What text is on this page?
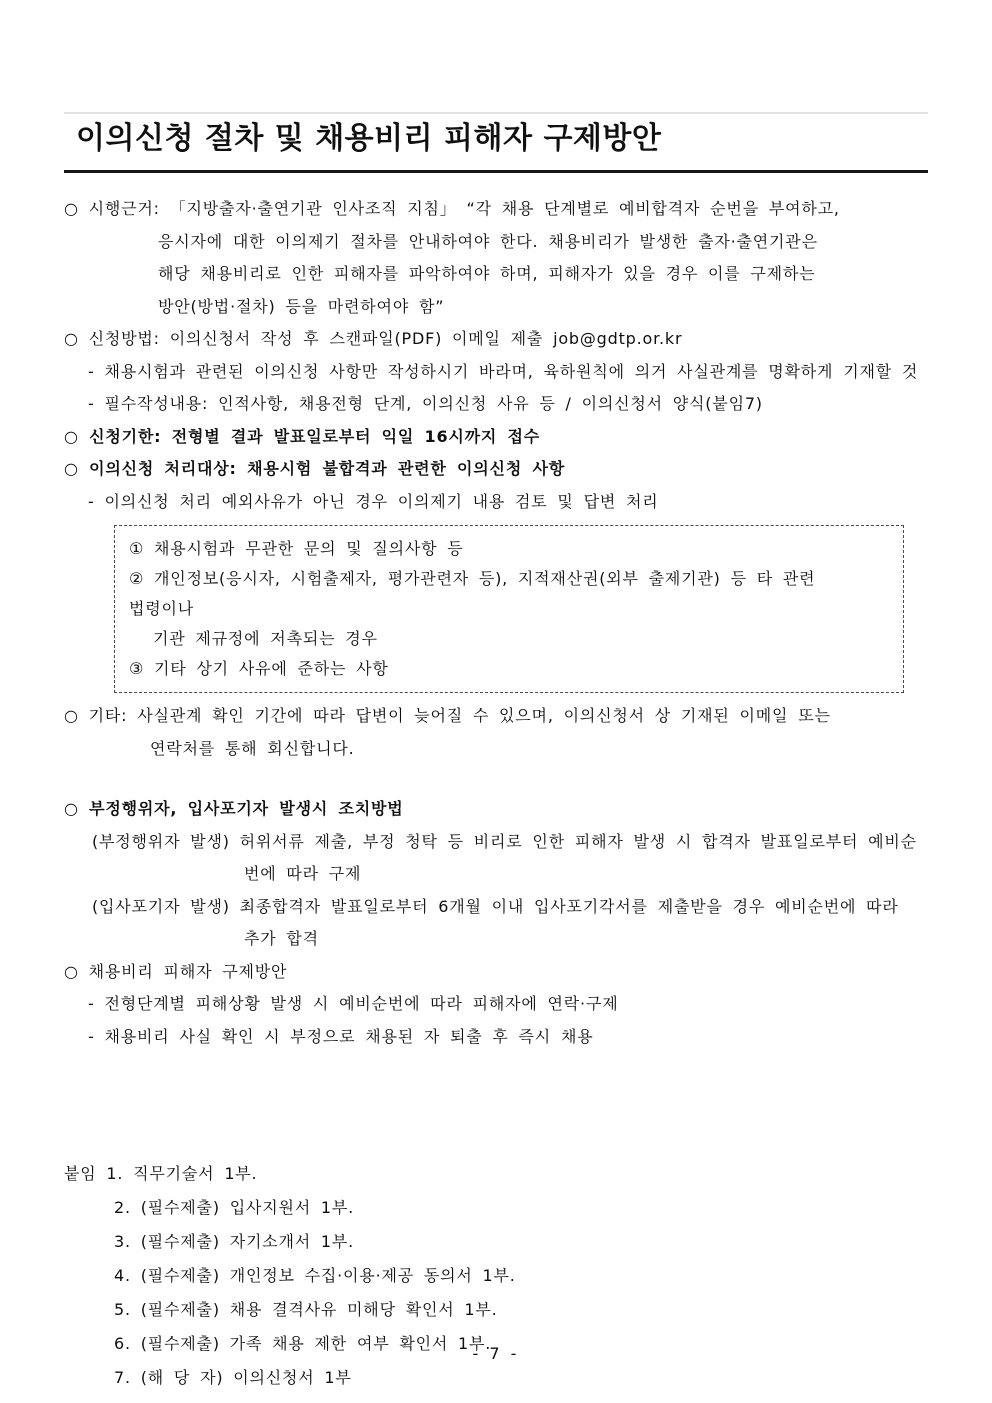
이의신청 절차 및 채용비리 피해자 구제방안
○ 시행근거: 「지방출자·출연기관 인사조직 지침」 “각 채용 단계별로 예비합격자 순번을 부여하고,
응시자에 대한 이의제기 절차를 안내하여야 한다. 채용비리가 발생한 출자·출연기관은
해당 채용비리로 인한 피해자를 파악하여야 하며, 피해자가 있을 경우 이를 구제하는
방안(방법·절차) 등을 마련하여야 함”
○ 신청방법: 이의신청서 작성 후 스캔파일(PDF) 이메일 제출 job@gdtp.or.kr
- 채용시험과 관련된 이의신청 사항만 작성하시기 바라며, 육하원칙에 의거 사실관계를 명확하게 기재할 것
- 필수작성내용: 인적사항, 채용전형 단계, 이의신청 사유 등 / 이의신청서 양식(붙임7)
○ 신청기한: 전형별 결과 발표일로부터 익일 16시까지 접수
○ 이의신청 처리대상: 채용시험 불합격과 관련한 이의신청 사항
- 이의신청 처리 예외사유가 아닌 경우 이의제기 내용 검토 및 답변 처리
① 채용시험과 무관한 문의 및 질의사항 등
② 개인정보(응시자, 시험출제자, 평가관련자 등), 지적재산권(외부 출제기관) 등 타 관련 법령이나
기관 제규정에 저촉되는 경우
③ 기타 상기 사유에 준하는 사항
○ 기타: 사실관계 확인 기간에 따라 답변이 늦어질 수 있으며, 이의신청서 상 기재된 이메일 또는
연락처를 통해 회신합니다.
○ 부정행위자, 입사포기자 발생시 조치방법
(부정행위자 발생) 허위서류 제출, 부정 청탁 등 비리로 인한 피해자 발생 시 합격자 발표일로부터 예비순
번에 따라 구제
(입사포기자 발생) 최종합격자 발표일로부터 6개월 이내 입사포기각서를 제출받을 경우 예비순번에 따라
추가 합격
○ 채용비리 피해자 구제방안
- 전형단계별 피해상황 발생 시 예비순번에 따라 피해자에 연락·구제
- 채용비리 사실 확인 시 부정으로 채용된 자 퇴출 후 즉시 채용
붙임 1. 직무기술서 1부.
2. (필수제출) 입사지원서 1부.
3. (필수제출) 자기소개서 1부.
4. (필수제출) 개인정보 수집·이용·제공 동의서 1부.
5. (필수제출) 채용 결격사유 미해당 확인서 1부.
6. (필수제출) 가족 채용 제한 여부 확인서 1부.
7. (해 당 자) 이의신청서 1부
- 7 -
